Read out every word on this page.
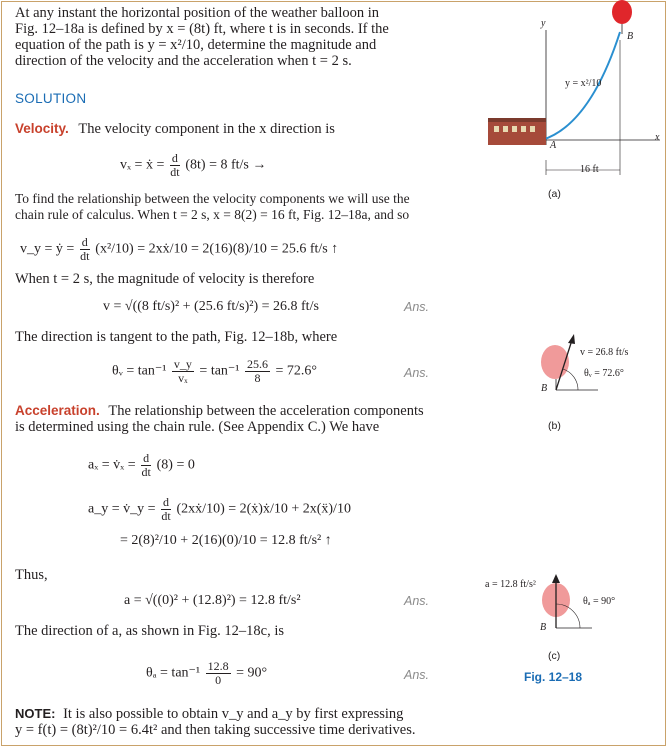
At any instant the horizontal position of the weather balloon in
Fig. 12–18a is defined by x = (8t) ft, where t is in seconds. If the
equation of the path is y = x²/10, determine the magnitude and
direction of the velocity and the acceleration when t = 2 s.
SOLUTION
Velocity. The velocity component in the x direction is
vₓ = ẋ = $\frac{d}{dt} (8t) = 8$ ft/s →
To find the relationship between the velocity components we will use the
chain rule of calculus. When t = 2 s, x = 8(2) = 16 ft, Fig. 12–18a, and so
v_y = ẏ = $\frac{d}{dt} (x^2/10)$ = 2xẋ/10 = 2(16)(8)/10 = 25.6 ft/s ↑
When t = 2 s, the magnitude of velocity is therefore
v = √((8 ft/s)² + (25.6 ft/s)²) = 26.8 ft/s	Ans.
The direction is tangent to the path, Fig. 12–18b, where
θᵥ = $\tan^{-1} \frac{v\_y}{\text{vₓ}} = \tan^{-1} \frac{25.6}{8} = 72.6^\circ$	Ans.
Acceleration. The relationship between the acceleration components
is determined using the chain rule. (See Appendix C.) We have
aₓ = v̇ₓ = $\frac{d}{dt} (8) = 0$
a_y = v̇_y = $\frac{d}{dt}$ (2xẋ/10) = 2(ẋ)ẋ/10 + 2x(ẍ)/10
= 2(8)²/10 + 2(16)(0)/10 = 12.8 ft/s² ↑
Thus,
a = √((0)² + (12.8)²) = 12.8 ft/s²	Ans.
The direction of a, as shown in Fig. 12–18c, is
$\theta_a = \tan^{-1} \frac{12.8}{0} = 90^\circ$	Ans.
NOTE: It is also possible to obtain v_y and a_y by first expressing
y = f(t) = (8t)²/10 = 6.4t² and then taking successive time derivatives.
y
x
B
A
y = x²/10
16 ft
(a)
v = 26.8 ft/s
θᵥ = 72.6°
B
(b)
a = 12.8 ft/s²
θₐ = 90°
B
(c)
Fig. 12–18
